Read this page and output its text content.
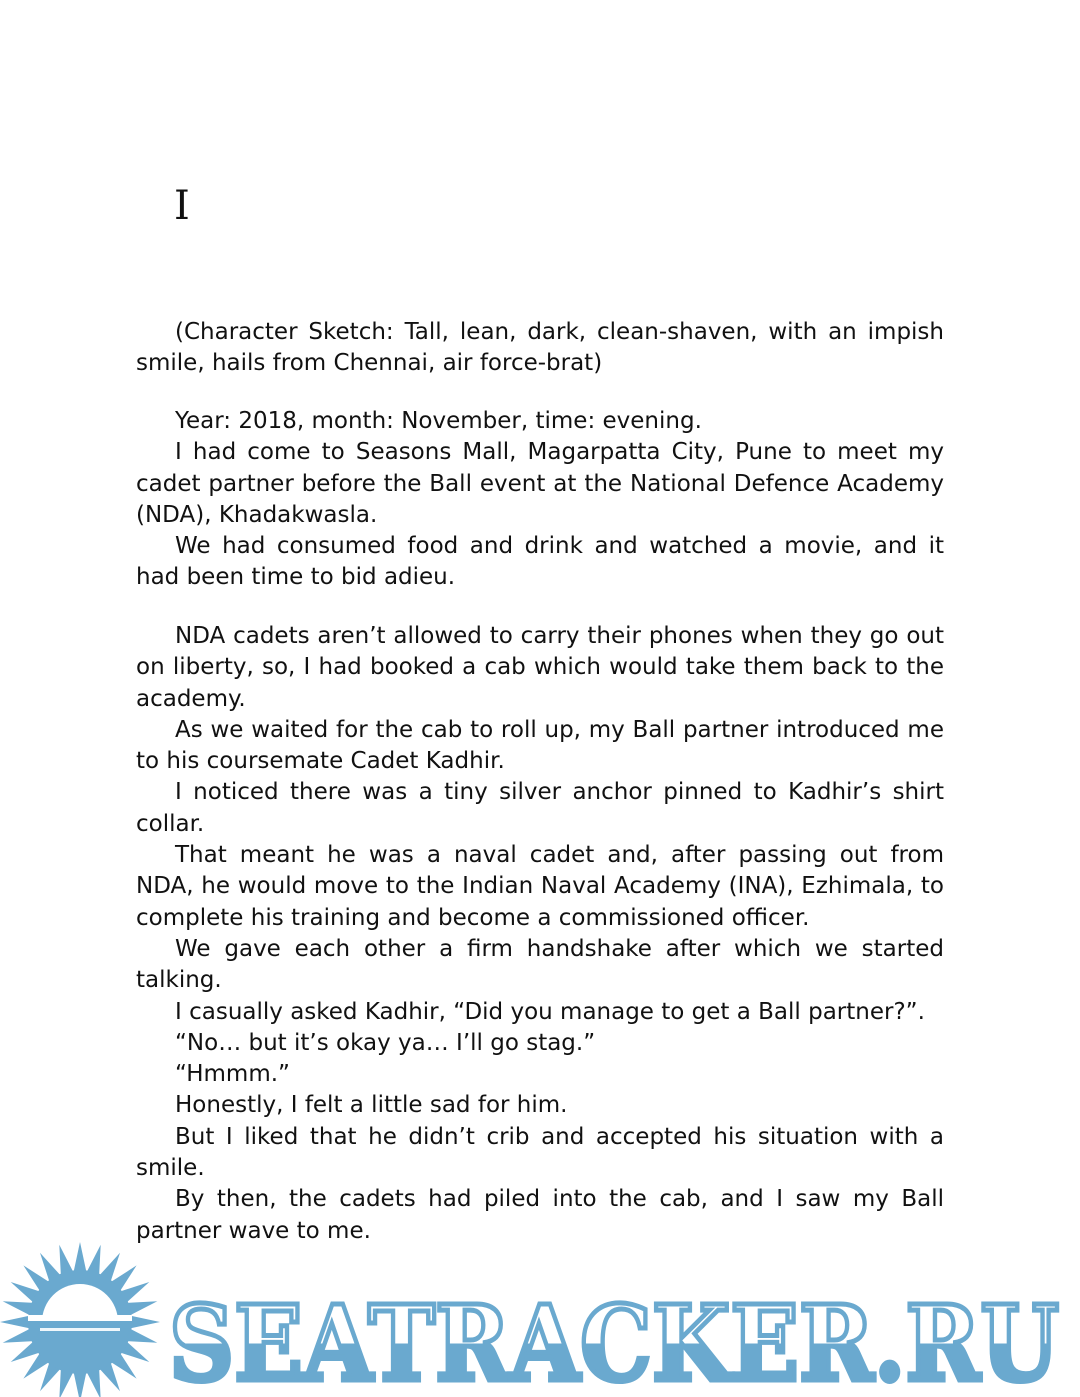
I

(Character Sketch: Tall, lean, dark, clean-shaven, with an impish smile, hails from Chennai, air force-brat)

Year: 2018, month: November, time: evening.

I had come to Seasons Mall, Magarpatta City, Pune to meet my cadet partner before the Ball event at the National Defence Academy (NDA), Khadakwasla.

We had consumed food and drink and watched a movie, and it had been time to bid adieu.

NDA cadets aren’t allowed to carry their phones when they go out on liberty, so, I had booked a cab which would take them back to the academy.

As we waited for the cab to roll up, my Ball partner introduced me to his coursemate Cadet Kadhir.

I noticed there was a tiny silver anchor pinned to Kadhir’s shirt collar.

That meant he was a naval cadet and, after passing out from NDA, he would move to the Indian Naval Academy (INA), Ezhimala, to complete his training and become a commissioned officer.

We gave each other a firm handshake after which we started talking.

I casually asked Kadhir, “Did you manage to get a Ball partner?”.

“No… but it’s okay ya… I’ll go stag.”

“Hmmm.”

Honestly, I felt a little sad for him.

But I liked that he didn’t crib and accepted his situation with a smile.

By then, the cadets had piled into the cab, and I saw my Ball partner wave to me.

SEATRACKER.RU
